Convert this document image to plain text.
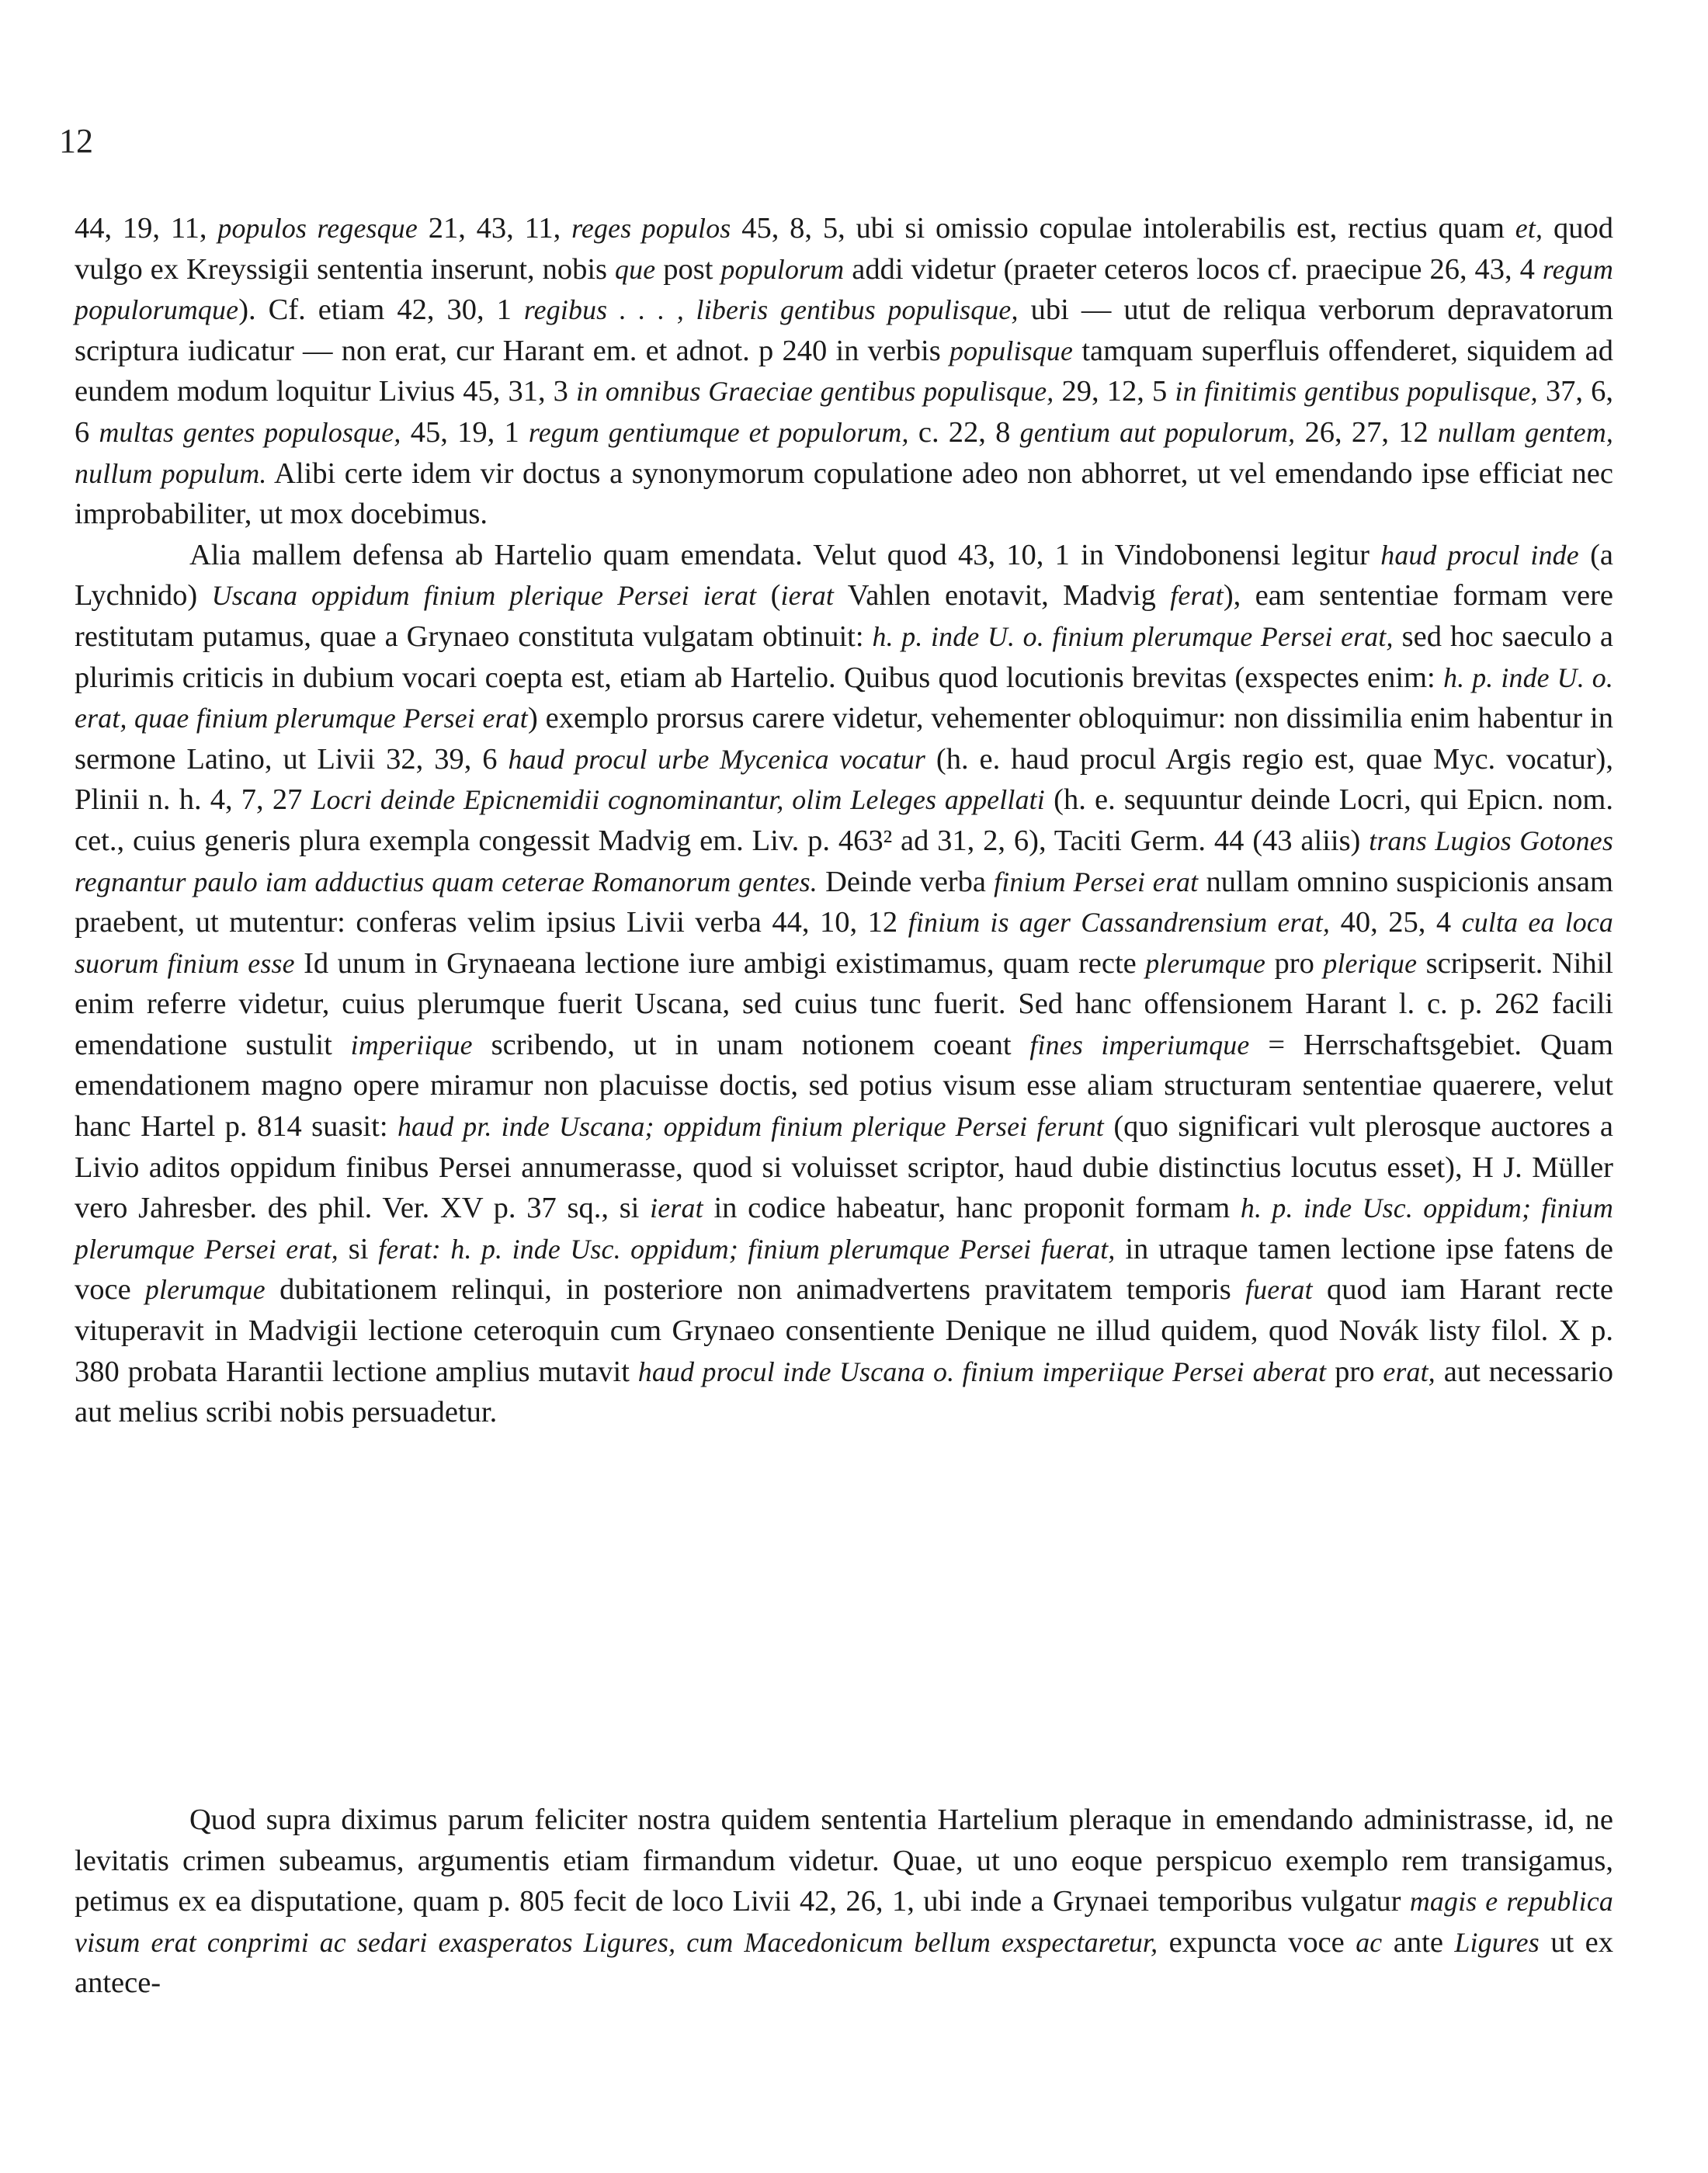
12

44, 19, 11, populos regesque 21, 43, 11, reges populos 45, 8, 5, ubi si omissio copulae intolerabilis est, rectius quam et, quod vulgo ex Kreyssigii sententia inserunt, nobis que post populorum addi videtur (praeter ceteros locos cf. praecipue 26, 43, 4 regum populorumque). Cf. etiam 42, 30, 1 regibus . . . , liberis gentibus populisque, ubi — utut de reliqua verborum depravatorum scriptura iudicatur — non erat, cur Harant em. et adnot. p 240 in verbis populisque tamquam superfluis offenderet, siquidem ad eundem modum loquitur Livius 45, 31, 3 in omnibus Graeciae gentibus populisque, 29, 12, 5 in finitimis gentibus populisque, 37, 6, 6 multas gentes populosque, 45, 19, 1 regum gentiumque et populorum, c. 22, 8 gentium aut populorum, 26, 27, 12 nullam gentem, nullum populum. Alibi certe idem vir doctus a synonymorum copulatione adeo non abhorret, ut vel emendando ipse efficiat nec improbabiliter, ut mox docebimus.

Alia mallem defensa ab Hartelio quam emendata. Velut quod 43, 10, 1 in Vindobonensi legitur haud procul inde (a Lychnido) Uscana oppidum finium plerique Persei ierat (ierat Vahlen enotavit, Madvig ferat), eam sententiae formam vere restitutam putamus, quae a Grynaeo constituta vulgatam obtinuit: h. p. inde U. o. finium plerumque Persei erat, sed hoc saeculo a plurimis criticis in dubium vocari coepta est, etiam ab Hartelio. Quibus quod locutionis brevitas (exspectes enim: h. p. inde U. o. erat, quae finium plerumque Persei erat) exemplo prorsus carere videtur, vehementer obloquimur: non dissimilia enim habentur in sermone Latino, ut Livii 32, 39, 6 haud procul urbe Mycenica vocatur (h. e. haud procul Argis regio est, quae Myc. vocatur), Plinii n. h. 4, 7, 27 Locri deinde Epicnemidii cognominantur, olim Leleges appellati (h. e. sequuntur deinde Locri, qui Epicn. nom. cet., cuius generis plura exempla congessit Madvig em. Liv. p. 463² ad 31, 2, 6), Taciti Germ. 44 (43 aliis) trans Lugios Gotones regnantur paulo iam adductius quam ceterae Romanorum gentes. Deinde verba finium Persei erat nullam omnino suspicionis ansam praebent, ut mutentur: conferas velim ipsius Livii verba 44, 10, 12 finium is ager Cassandrensium erat, 40, 25, 4 culta ea loca suorum finium esse Id unum in Grynaeana lectione iure ambigi existimamus, quam recte plerumque pro plerique scripserit. Nihil enim referre videtur, cuius plerumque fuerit Uscana, sed cuius tunc fuerit. Sed hanc offensionem Harant l. c. p. 262 facili emendatione sustulit imperiique scribendo, ut in unam notionem coeant fines imperiumque = Herrschaftsgebiet. Quam emendationem magno opere miramur non placuisse doctis, sed potius visum esse aliam structuram sententiae quaerere, velut hanc Hartel p. 814 suasit: haud pr. inde Uscana; oppidum finium plerique Persei ferunt (quo significari vult plerosque auctores a Livio aditos oppidum finibus Persei annumerasse, quod si voluisset scriptor, haud dubie distinctius locutus esset), H J. Müller vero Jahresber. des phil. Ver. XV p. 37 sq., si ierat in codice habeatur, hanc proponit formam h. p. inde Usc. oppidum; finium plerumque Persei erat, si ferat: h. p. inde Usc. oppidum; finium plerumque Persei fuerat, in utraque tamen lectione ipse fatens de voce plerumque dubitationem relinqui, in posteriore non animadvertens pravitatem temporis fuerat quod iam Harant recte vituperavit in Madvigii lectione ceteroquin cum Grynaeo consentiente Denique ne illud quidem, quod Novák listy filol. X p. 380 probata Harantii lectione amplius mutavit haud procul inde Uscana o. finium imperiique Persei aberat pro erat, aut necessario aut melius scribi nobis persuadetur.

Quod supra diximus parum feliciter nostra quidem sententia Hartelium pleraque in emendando administrasse, id, ne levitatis crimen subeamus, argumentis etiam firmandum videtur. Quae, ut uno eoque perspicuo exemplo rem transigamus, petimus ex ea disputatione, quam p. 805 fecit de loco Livii 42, 26, 1, ubi inde a Grynaei temporibus vulgatur magis e republica visum erat conprimi ac sedari exasperatos Ligures, cum Macedonicum bellum exspectaretur, expuncta voce ac ante Ligures ut ex antece-
